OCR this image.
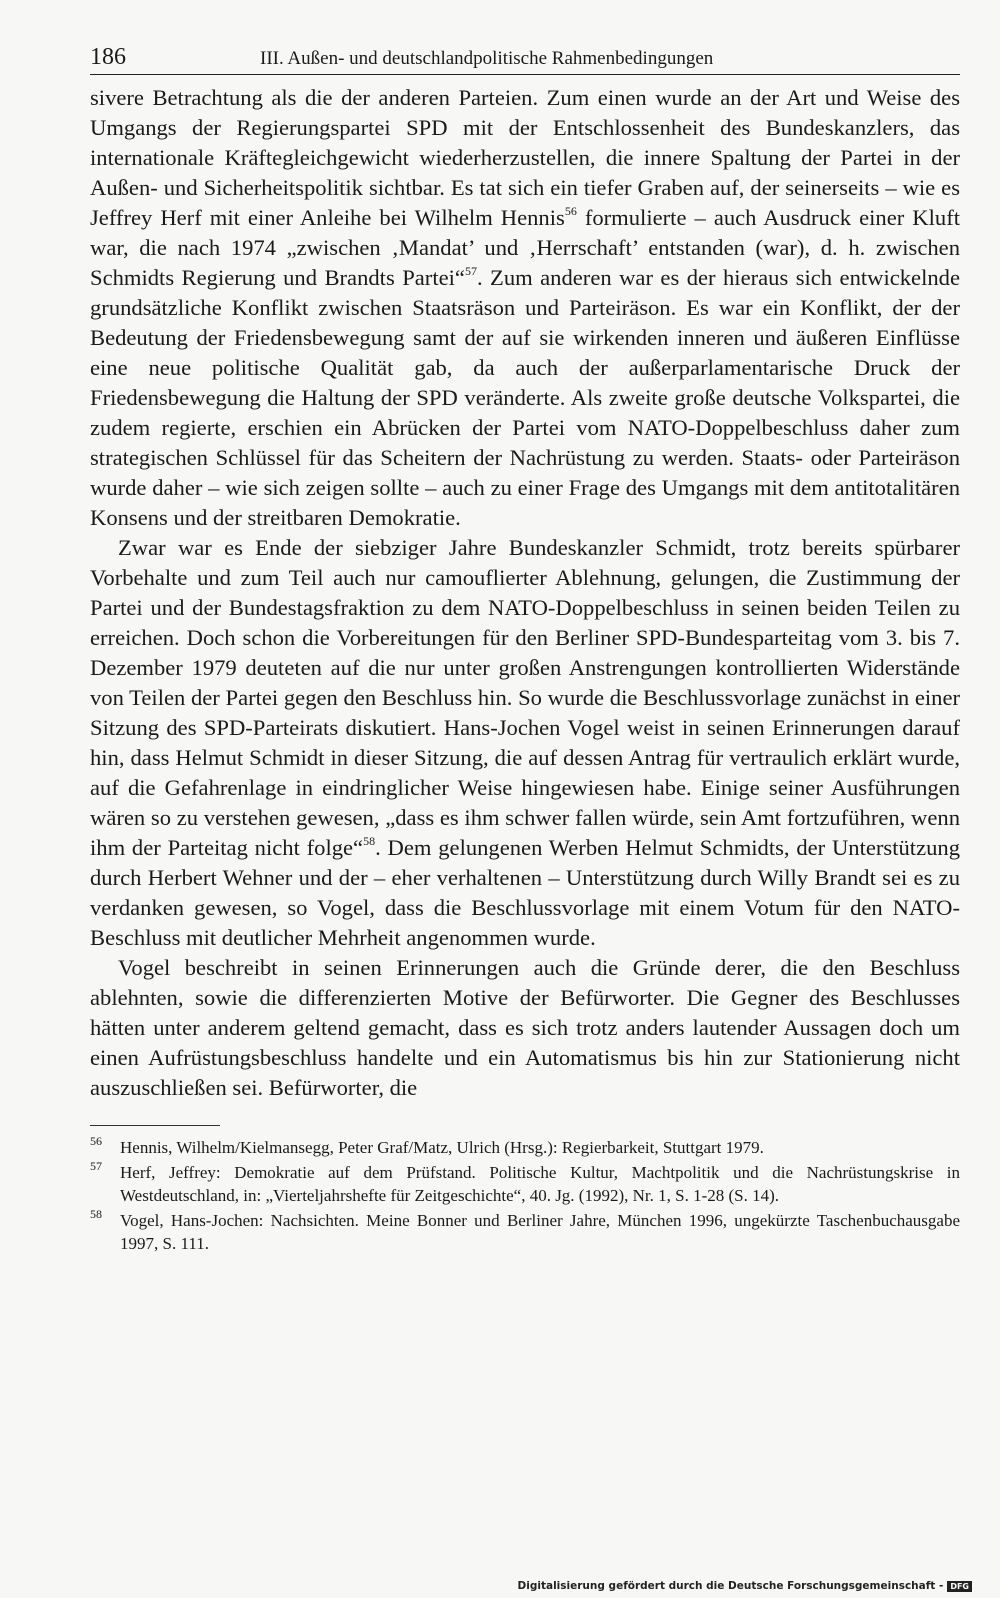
186	III. Außen- und deutschlandpolitische Rahmenbedingungen

sivere Betrachtung als die der anderen Parteien. Zum einen wurde an der Art und Weise des Umgangs der Regierungspartei SPD mit der Entschlossenheit des Bundeskanzlers, das internationale Kräftegleichgewicht wiederherzustellen, die innere Spaltung der Partei in der Außen- und Sicherheitspolitik sichtbar. Es tat sich ein tiefer Graben auf, der seinerseits – wie es Jeffrey Herf mit einer Anleihe bei Wilhelm Hennis$^{56}$ formulierte – auch Ausdruck einer Kluft war, die nach 1974 „zwischen ‚Mandat’ und ‚Herrschaft’ entstanden (war), d. h. zwischen Schmidts Regierung und Brandts Partei“$^{57}$. Zum anderen war es der hieraus sich entwickelnde grundsätzliche Konflikt zwischen Staatsräson und Parteiräson. Es war ein Konflikt, der der Bedeutung der Friedensbewegung samt der auf sie wirkenden inneren und äußeren Einflüsse eine neue politische Qualität gab, da auch der außerparlamentarische Druck der Friedensbewegung die Haltung der SPD veränderte. Als zweite große deutsche Volkspartei, die zudem regierte, erschien ein Abrücken der Partei vom NATO-Doppelbeschluss daher zum strategischen Schlüssel für das Scheitern der Nachrüstung zu werden. Staats- oder Parteiräson wurde daher – wie sich zeigen sollte – auch zu einer Frage des Umgangs mit dem antitotalitären Konsens und der streitbaren Demokratie.

Zwar war es Ende der siebziger Jahre Bundeskanzler Schmidt, trotz bereits spürbarer Vorbehalte und zum Teil auch nur camouflierter Ablehnung, gelungen, die Zustimmung der Partei und der Bundestagsfraktion zu dem NATO-Doppelbeschluss in seinen beiden Teilen zu erreichen. Doch schon die Vorbereitungen für den Berliner SPD-Bundesparteitag vom 3. bis 7. Dezember 1979 deuteten auf die nur unter großen Anstrengungen kontrollierten Widerstände von Teilen der Partei gegen den Beschluss hin. So wurde die Beschlussvorlage zunächst in einer Sitzung des SPD-Parteirats diskutiert. Hans-Jochen Vogel weist in seinen Erinnerungen darauf hin, dass Helmut Schmidt in dieser Sitzung, die auf dessen Antrag für vertraulich erklärt wurde, auf die Gefahrenlage in eindringlicher Weise hingewiesen habe. Einige seiner Ausführungen wären so zu verstehen gewesen, „dass es ihm schwer fallen würde, sein Amt fortzuführen, wenn ihm der Parteitag nicht folge“$^{58}$. Dem gelungenen Werben Helmut Schmidts, der Unterstützung durch Herbert Wehner und der – eher verhaltenen – Unterstützung durch Willy Brandt sei es zu verdanken gewesen, so Vogel, dass die Beschlussvorlage mit einem Votum für den NATO-Beschluss mit deutlicher Mehrheit angenommen wurde.

Vogel beschreibt in seinen Erinnerungen auch die Gründe derer, die den Beschluss ablehnten, sowie die differenzierten Motive der Befürworter. Die Gegner des Beschlusses hätten unter anderem geltend gemacht, dass es sich trotz anders lautender Aussagen doch um einen Aufrüstungsbeschluss handelte und ein Automatismus bis hin zur Stationierung nicht auszuschließen sei. Befürworter, die

56 Hennis, Wilhelm/Kielmansegg, Peter Graf/Matz, Ulrich (Hrsg.): Regierbarkeit, Stuttgart 1979.
57 Herf, Jeffrey: Demokratie auf dem Prüfstand. Politische Kultur, Machtpolitik und die Nachrüstungskrise in Westdeutschland, in: „Vierteljahrshefte für Zeitgeschichte“, 40. Jg. (1992), Nr. 1, S. 1-28 (S. 14).
58 Vogel, Hans-Jochen: Nachsichten. Meine Bonner und Berliner Jahre, München 1996, ungekürzte Taschenbuchausgabe 1997, S. 111.
Digitalisierung gefördert durch die Deutsche Forschungsgemeinschaft - DFG
